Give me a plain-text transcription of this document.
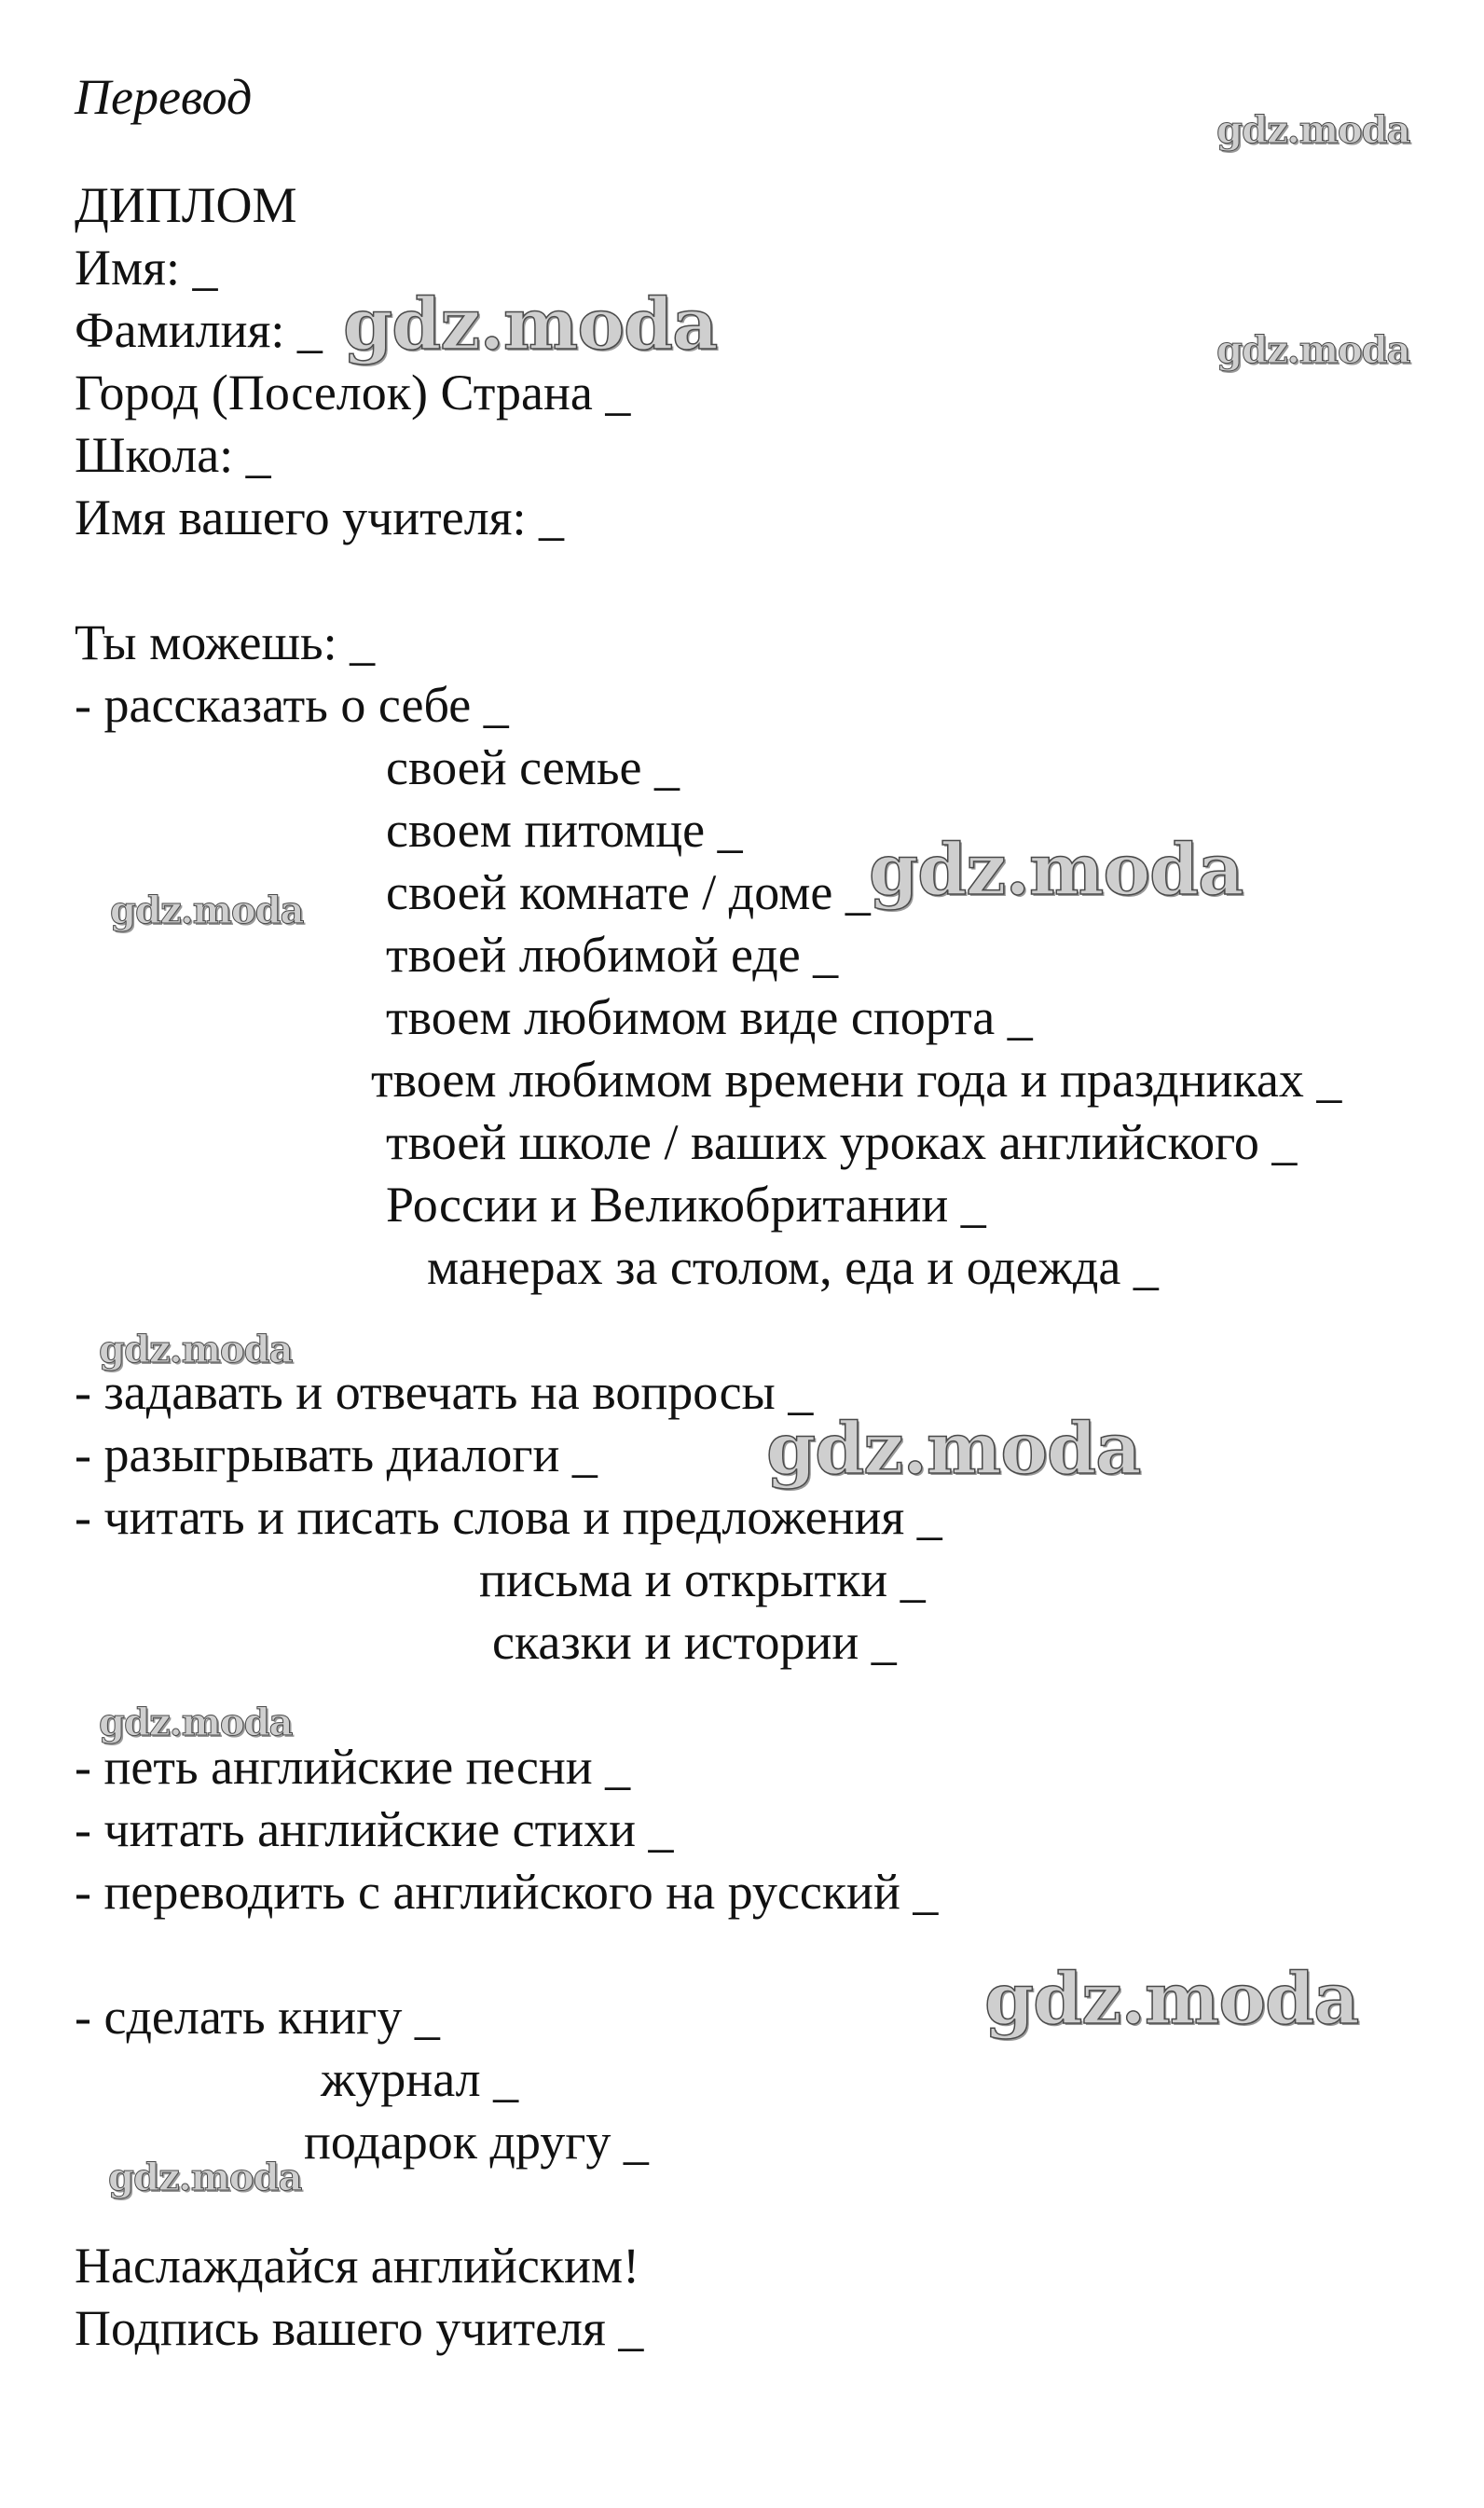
Перевод

ДИПЛОМ

Имя: _

Фамилия: _

Город (Поселок) Страна _

Школа: _

Имя вашего учителя: _

Ты можешь: _

- рассказать о себе _

своей семье _

своем питомце _

своей комнате / доме _

твоей любимой еде _

твоем любимом виде спорта _

твоем любимом времени года и праздниках _

твоей школе / ваших уроках английского _

России и Великобритании _

манерах за столом, еда и одежда _

- задавать и отвечать на вопросы _

- разыгрывать диалоги _

- читать и писать слова и предложения _

письма и открытки _

сказки и истории _

- петь английские песни _

- читать английские стихи _

- переводить с английского на русский _

- сделать книгу _

журнал _

подарок другу _

Наслаждайся английским!

Подпись вашего учителя _

gdz.moda
gdz.moda	gdz.moda
gdz.moda
gdz.moda
gdz.moda
gdz.moda
gdz.moda
gdz.moda
gdz.moda
